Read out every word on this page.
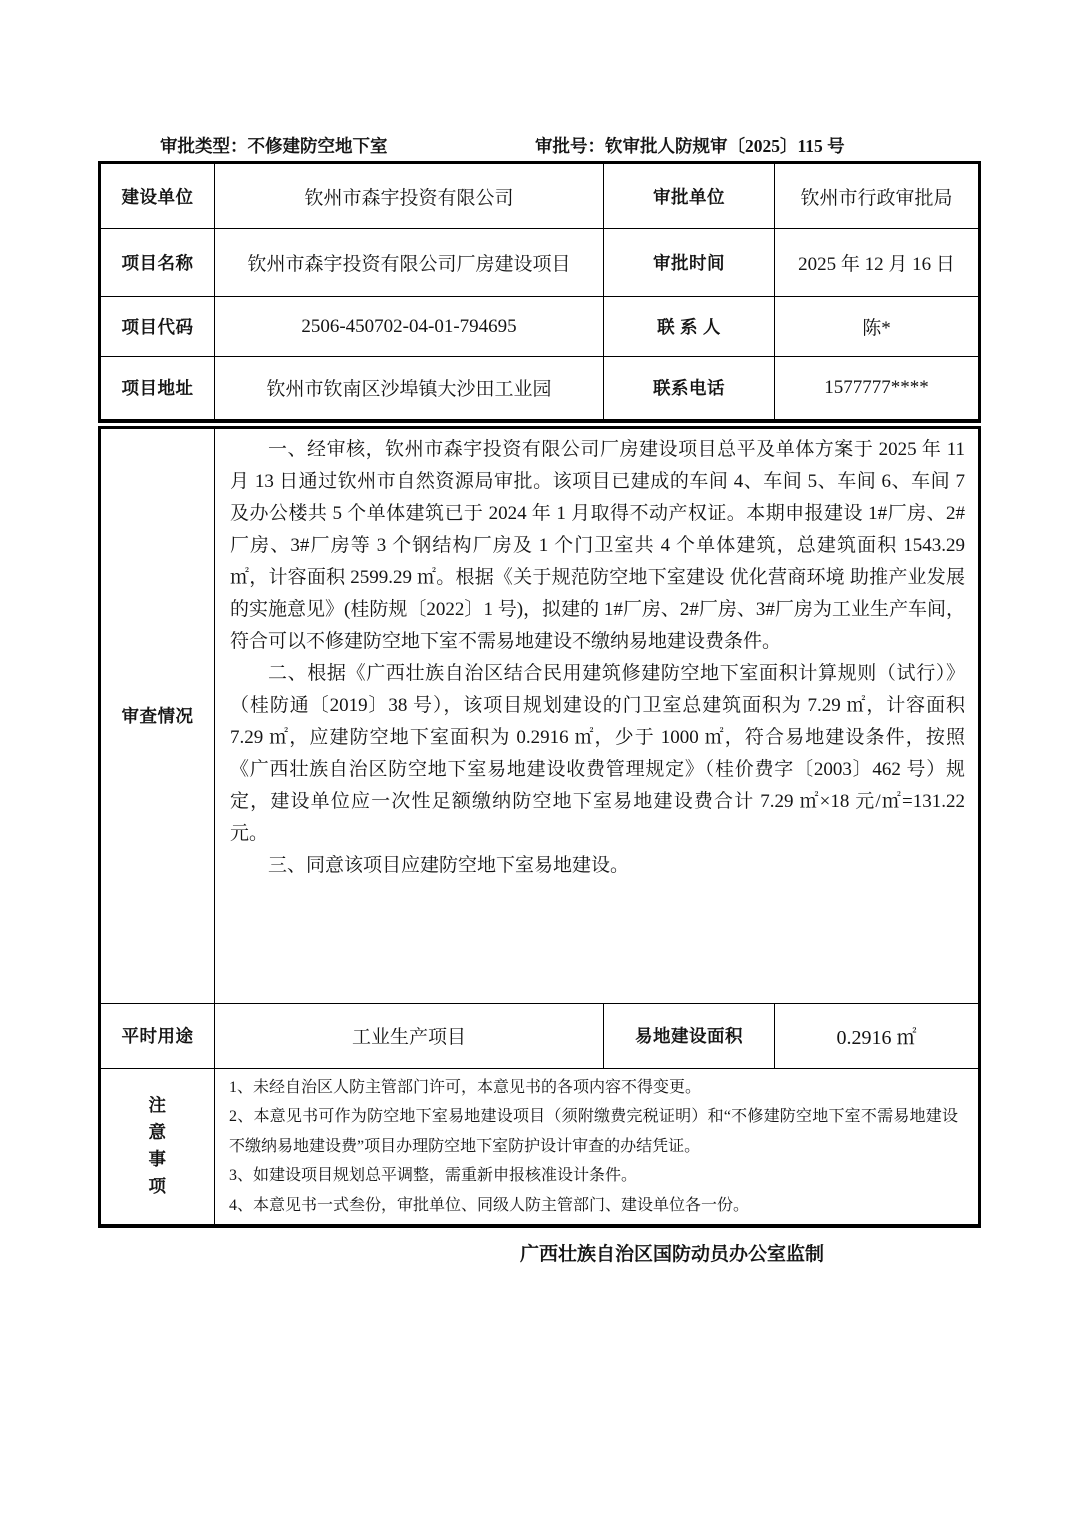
审批类型：不修建防空地下室	审批号：钦审批人防规审〔2025〕115 号
建设单位	钦州市森宇投资有限公司	审批单位	钦州市行政审批局
项目名称	钦州市森宇投资有限公司厂房建设项目	审批时间	2025 年 12 月 16 日
项目代码	2506-450702-04-01-794695	联 系 人	陈*
项目地址	钦州市钦南区沙埠镇大沙田工业园	联系电话	1577777****
审查情况	一、经审核，钦州市森宇投资有限公司厂房建设项目总平及单体方案于 2025 年 11 月 13 日通过钦州市自然资源局审批。该项目已建成的车间 4、车间 5、车间 6、车间 7 及办公楼共 5 个单体建筑已于 2024 年 1 月取得不动产权证。本期申报建设 1#厂房、2#厂房、3#厂房等 3 个钢结构厂房及 1 个门卫室共 4 个单体建筑，总建筑面积 1543.29 ㎡，计容面积 2599.29 ㎡。根据《关于规范防空地下室建设 优化营商环境 助推产业发展的实施意见》(桂防规〔2022〕1 号)，拟建的 1#厂房、2#厂房、3#厂房为工业生产车间，符合可以不修建防空地下室不需易地建设不缴纳易地建设费条件。

二、根据《广西壮族自治区结合民用建筑修建防空地下室面积计算规则（试行）》（桂防通〔2019〕38 号），该项目规划建设的门卫室总建筑面积为 7.29 ㎡，计容面积 7.29 ㎡，应建防空地下室面积为 0.2916 ㎡，少于 1000 ㎡，符合易地建设条件，按照《广西壮族自治区防空地下室易地建设收费管理规定》（桂价费字〔2003〕462 号）规定，建设单位应一次性足额缴纳防空地下室易地建设费合计 7.29 ㎡×18 元/㎡=131.22 元。

三、同意该项目应建防空地下室易地建设。		

平时用途	工业生产项目	易地建设面积	0.2916 ㎡

注意事项	1、未经自治区人防主管部门许可，本意见书的各项内容不得变更。
2、本意见书可作为防空地下室易地建设项目（须附缴费完税证明）和“不修建防空地下室不需易地建设不缴纳易地建设费”项目办理防空地下室防护设计审查的办结凭证。
3、如建设项目规划总平调整，需重新申报核准设计条件。
4、本意见书一式叁份，审批单位、同级人防主管部门、建设单位各一份。		
广西壮族自治区国防动员办公室监制
